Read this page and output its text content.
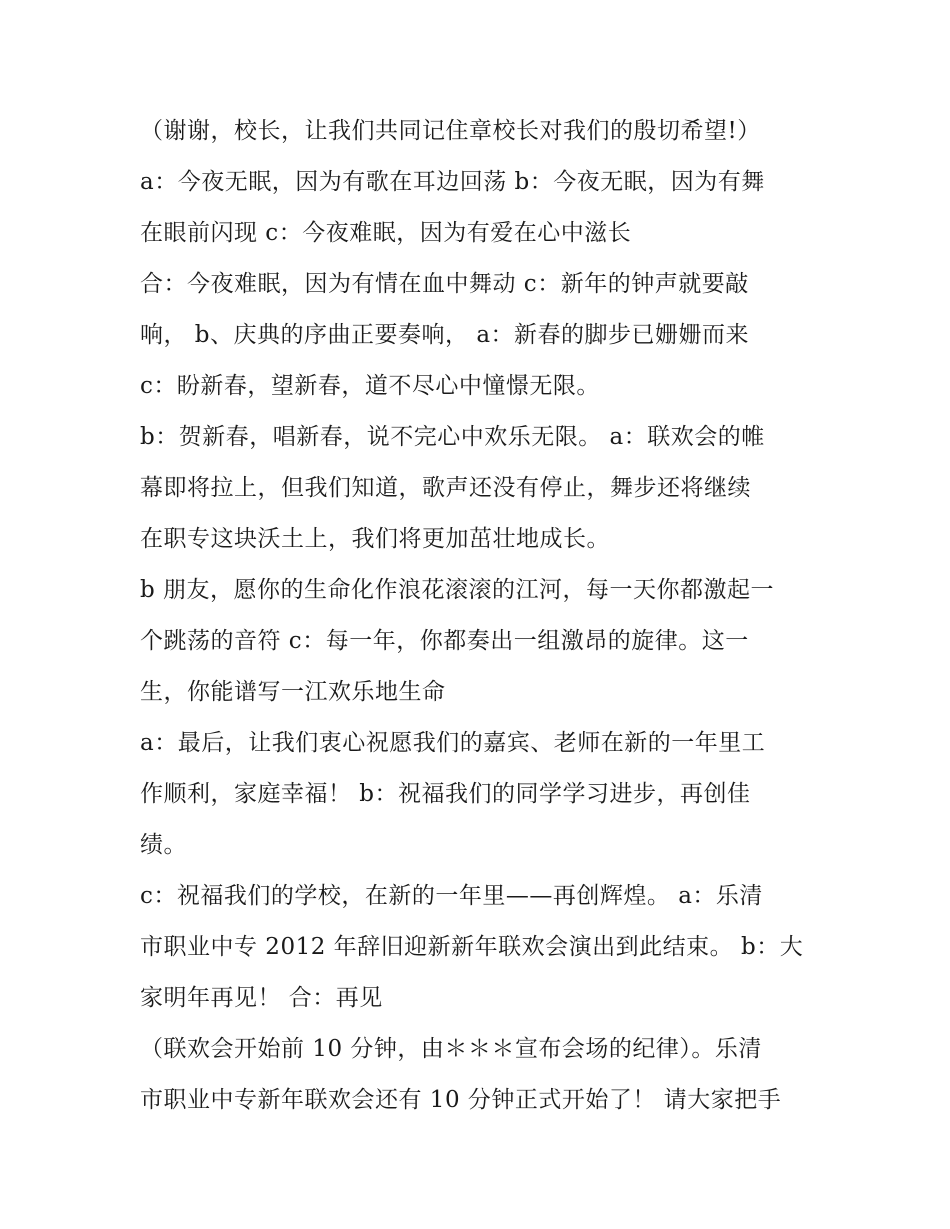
（谢谢，校长，让我们共同记住章校长对我们的殷切希望!）
a：今夜无眠，因为有歌在耳边回荡 b：今夜无眠，因为有舞
在眼前闪现 c：今夜难眠，因为有爱在心中滋长
合：今夜难眠，因为有情在血中舞动 c：新年的钟声就要敲
响， b、庆典的序曲正要奏响， a：新春的脚步已姗姗而来
c：盼新春，望新春，道不尽心中憧憬无限。
b：贺新春，唱新春，说不完心中欢乐无限。 a：联欢会的帷
幕即将拉上，但我们知道，歌声还没有停止，舞步还将继续
在职专这块沃土上，我们将更加茁壮地成长。
b 朋友，愿你的生命化作浪花滚滚的江河，每一天你都激起一
个跳荡的音符 c：每一年，你都奏出一组激昂的旋律。这一
生，你能谱写一江欢乐地生命
a：最后，让我们衷心祝愿我们的嘉宾、老师在新的一年里工
作顺利，家庭幸福！ b：祝福我们的同学学习进步，再创佳
绩。
c：祝福我们的学校，在新的一年里——再创辉煌。 a：乐清
市职业中专 2012 年辞旧迎新新年联欢会演出到此结束。 b：大
家明年再见！ 合：再见
（联欢会开始前 10 分钟，由＊＊＊宣布会场的纪律）。乐清
市职业中专新年联欢会还有 10 分钟正式开始了！ 请大家把手
